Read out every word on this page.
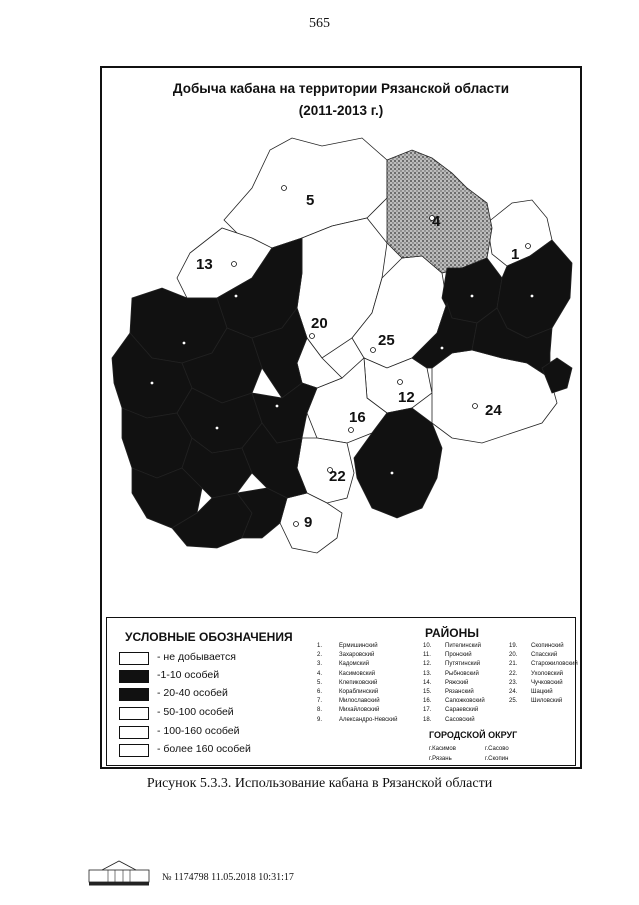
565
Добыча кабана на территории Рязанской области
(2011-2013 г.)
5
4
1
13
20
25
12
24
16
22
9
УСЛОВНЫЕ ОБОЗНАЧЕНИЯ
- не добывается
-1-10 особей
- 20-40 особей
- 50-100 особей
- 100-160 особей
- более 160 особей
РАЙОНЫ
1.	Ермишинский
2.	Захаровский
3.	Кадомский
4.	Касимовский
5.	Клепиковский
6.	Кораблинский
7.	Милославский
8.	Михайловский
9.	Александро-Невский
10. Пителинский
11. Пронский
12. Путятинский
13. Рыбновский
14. Ряжский
15. Рязанский
16. Сапожковский
17. Сараевский
18. Сасовский
19. Скопинский
20. Спасский
21. Старожиловский
22. Ухоловский
23. Чучковский
24. Шацкий
25. Шиловский
ГОРОДСКОЙ ОКРУГ
г.Касимов	г.Сасово
г.Рязань	г.Скопин
Рисунок 5.3.3. Использование кабана в Рязанской области
№ 1174798 11.05.2018 10:31:17
